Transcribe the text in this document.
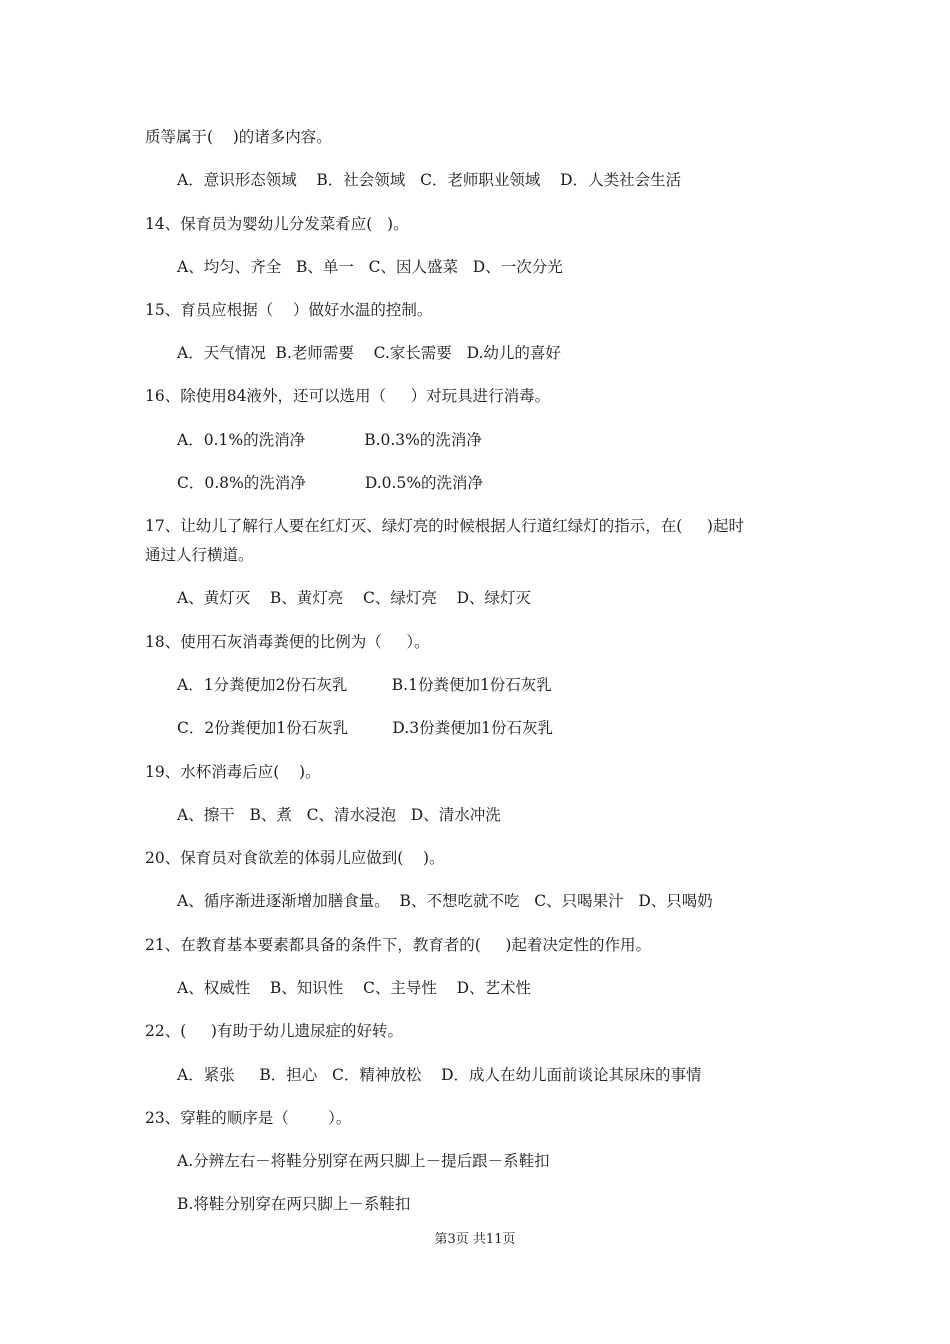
质等属于(    )的诸多内容。
A．意识形态领域    B．社会领域   C．老师职业领域    D．人类社会生活
14、保育员为婴幼儿分发菜肴应(   )。
A、均匀、齐全   B、单一   C、因人盛菜   D、一次分光
15、育员应根据（    ）做好水温的控制。
A．天气情况  B.老师需要    C.家长需要   D.幼儿的喜好
16、除使用84液外，还可以选用（     ）对玩具进行消毒。
A．0.1%的洗消净            B.0.3%的洗消净
C．0.8%的洗消净            D.0.5%的洗消净
17、让幼儿了解行人要在红灯灭、绿灯亮的时候根据人行道红绿灯的指示，在(     )起时
通过人行横道。
A、黄灯灭    B、黄灯亮    C、绿灯亮    D、绿灯灭
18、使用石灰消毒粪便的比例为（     ）。
A．1分粪便加2份石灰乳         B.1份粪便加1份石灰乳
C．2份粪便加1份石灰乳         D.3份粪便加1份石灰乳
19、水杯消毒后应(    )。
A、擦干   B、煮   C、清水浸泡   D、清水冲洗
20、保育员对食欲差的体弱儿应做到(    )。
A、循序渐进逐渐增加膳食量。  B、不想吃就不吃   C、只喝果汁   D、只喝奶
21、在教育基本要素都具备的条件下，教育者的(     )起着决定性的作用。
A、权威性    B、知识性    C、主导性    D、艺术性
22、(     )有助于幼儿遗尿症的好转。
A．紧张     B．担心   C．精神放松    D．成人在幼儿面前谈论其尿床的事情
23、穿鞋的顺序是（        ）。
A.分辨左右－将鞋分别穿在两只脚上－提后跟－系鞋扣
B.将鞋分别穿在两只脚上－系鞋扣
第3页 共11页
